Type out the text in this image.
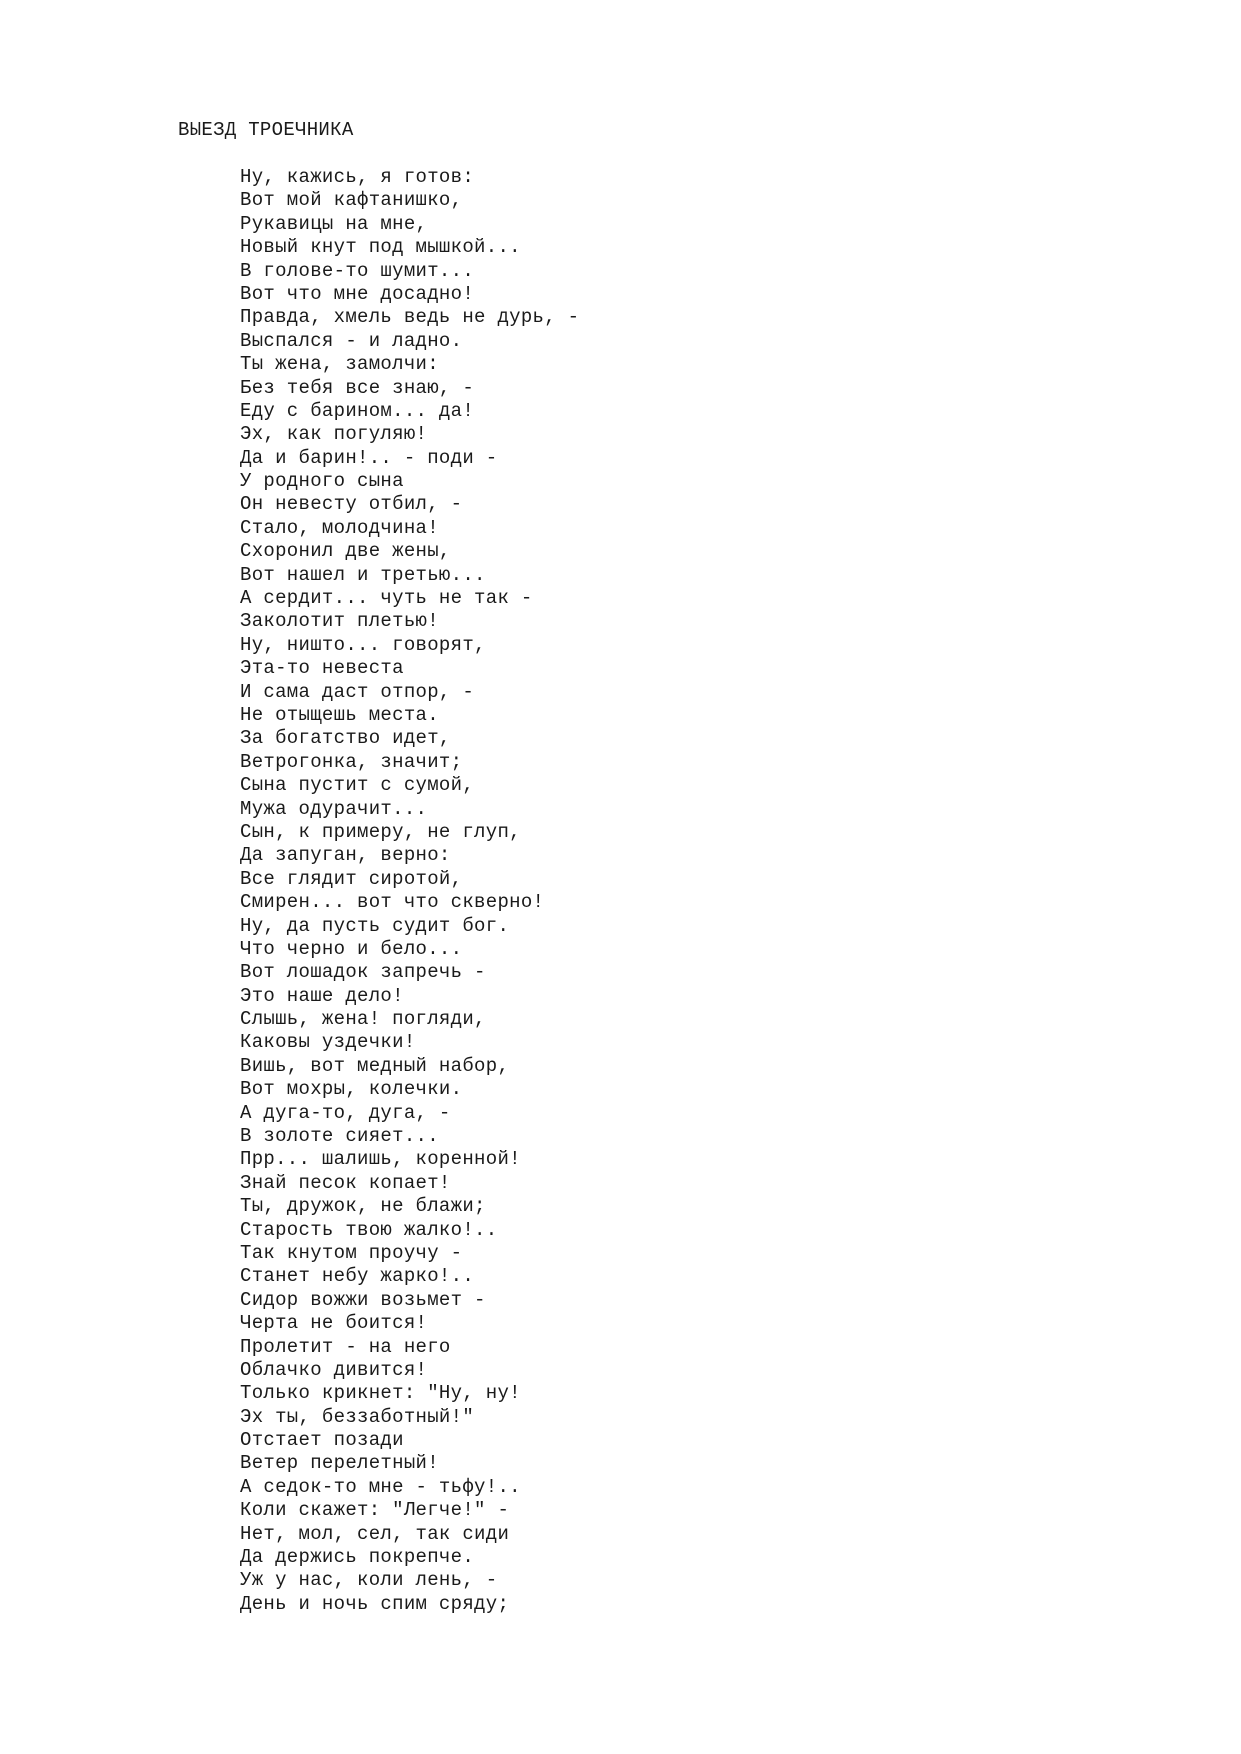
ВЫЕЗД ТРОЕЧНИКА
Ну, кажись, я готов:
Вот мой кафтанишко,
Рукавицы на мне,
Новый кнут под мышкой...
В голове-то шумит...
Вот что мне досадно!
Правда, хмель ведь не дурь, -
Выспался - и ладно.
Ты жена, замолчи:
Без тебя все знаю, -
Еду с барином... да!
Эх, как погуляю!
Да и барин!.. - поди -
У родного сына
Он невесту отбил, -
Стало, молодчина!
Схоронил две жены,
Вот нашел и третью...
А сердит... чуть не так -
Заколотит плетью!
Ну, ништо... говорят,
Эта-то невеста
И сама даст отпор, -
Не отыщешь места.
За богатство идет,
Ветрогонка, значит;
Сына пустит с сумой,
Мужа одурачит...
Сын, к примеру, не глуп,
Да запуган, верно:
Все глядит сиротой,
Смирен... вот что скверно!
Ну, да пусть судит бог.
Что черно и бело...
Вот лошадок запречь -
Это наше дело!
Слышь, жена! погляди,
Каковы уздечки!
Вишь, вот медный набор,
Вот мохры, колечки.
А дуга-то, дуга, -
В золоте сияет...
Прр... шалишь, коренной!
Знай песок копает!
Ты, дружок, не блажи;
Старость твою жалко!..
Так кнутом проучу -
Станет небу жарко!..
Сидор вожжи возьмет -
Черта не боится!
Пролетит - на него
Облачко дивится!
Только крикнет: "Ну, ну!
Эх ты, беззаботный!"
Отстает позади
Ветер перелетный!
А седок-то мне - тьфу!..
Коли скажет: "Легче!" -
Нет, мол, сел, так сиди
Да держись покрепче.
Уж у нас, коли лень, -
День и ночь спим сряду;
